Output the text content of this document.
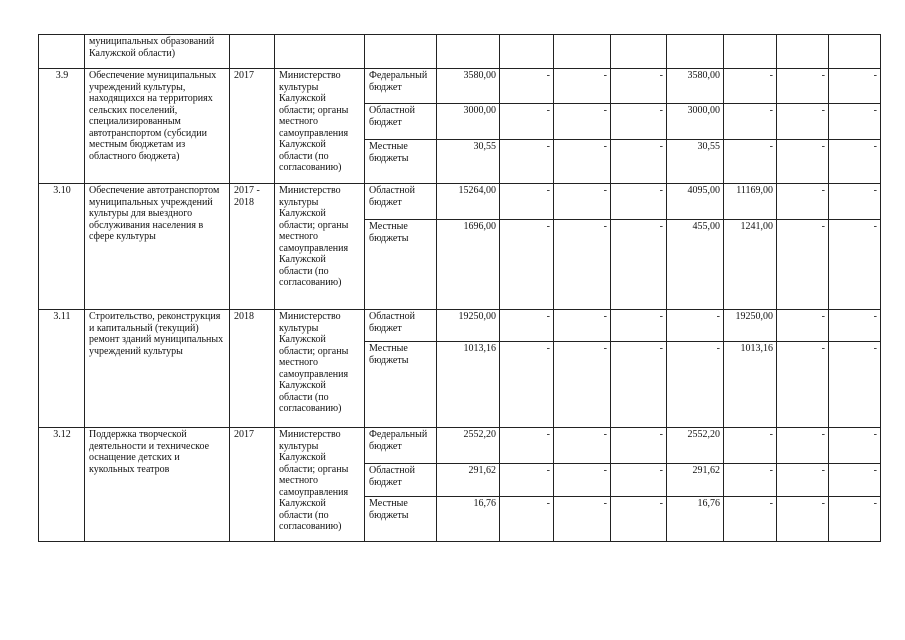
	муниципальных образований Калужской области)											
3.9	Обеспечение муниципальных учреждений культуры, находящихся на территориях сельских поселений, специализированным автотранспортом (субсидии местным бюджетам из областного бюджета)	2017	Министерство культуры Калужской области; органы местного самоуправления Калужской области (по согласованию)	Федеральный бюджет	3580,00	-	-	-	3580,00	-	-	-
				Областной бюджет	3000,00	-	-	-	3000,00	-	-	-
				Местные бюджеты	30,55	-	-	-	30,55	-	-	-
3.10	Обеспечение автотранспортом муниципальных учреждений культуры для выездного обслуживания населения в сфере культуры	2017 - 2018	Министерство культуры Калужской области; органы местного самоуправления Калужской области (по согласованию)	Областной бюджет	15264,00	-	-	-	4095,00	11169,00	-	-
				Местные бюджеты	1696,00	-	-	-	455,00	1241,00	-	-
3.11	Строительство, реконструкция и капитальный (текущий) ремонт зданий муниципальных учреждений культуры	2018	Министерство культуры Калужской области; органы местного самоуправления Калужской области (по согласованию)	Областной бюджет	19250,00	-	-	-	-	19250,00	-	-
				Местные бюджеты	1013,16	-	-	-	-	1013,16	-	-
3.12	Поддержка творческой деятельности и техническое оснащение детских и кукольных театров	2017	Министерство культуры Калужской области; органы местного самоуправления Калужской области (по согласованию)	Федеральный бюджет	2552,20	-	-	-	2552,20	-	-	-
				Областной бюджет	291,62	-	-	-	291,62	-	-	-
				Местные бюджеты	16,76	-	-	-	16,76	-	-	-
